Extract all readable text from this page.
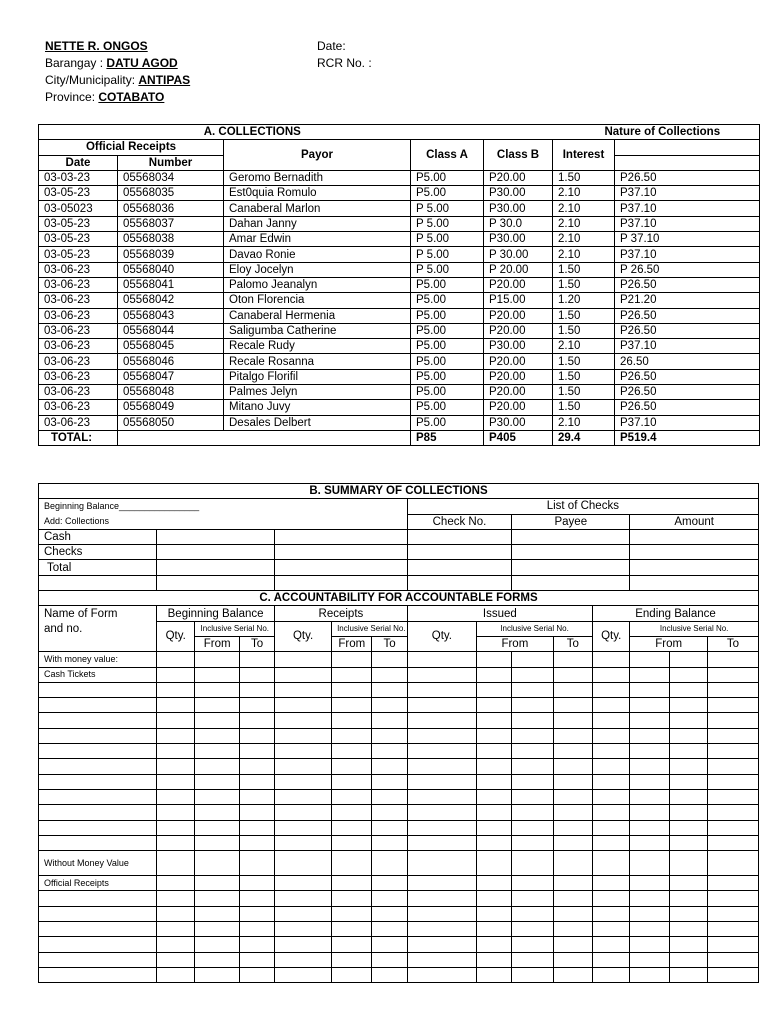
NETTE R. ONGOS
Barangay : DATU AGOD
City/Municipality: ANTIPAS
Province: COTABATO
Date:
RCR No. :
A. COLLECTIONS			Nature of Collections			
Official Receipts		Payor	Class A	Class B	Interest	
Date	Number					
03-03-23	05568034	Geromo Bernadith	P5.00	P20.00	1.50	P26.50
03-05-23	05568035	Est0quia Romulo	P5.00	P30.00	2.10	P37.10
03-05023	05568036	Canaberal Marlon	P 5.00	P30.00	2.10	P37.10
03-05-23	05568037	Dahan Janny	P 5.00	P 30.0	2.10	P37.10
03-05-23	05568038	Amar Edwin	P 5.00	P30.00	2.10	P 37.10
03-05-23	05568039	Davao Ronie	P 5.00	P 30.00	2.10	P37.10
03-06-23	05568040	Eloy Jocelyn	P 5.00	P 20.00	1.50	P 26.50
03-06-23	05568041	Palomo Jeanalyn	P5.00	P20.00	1.50	P26.50
03-06-23	05568042	Oton Florencia	P5.00	P15.00	1.20	P21.20
03-06-23	05568043	Canaberal Hermenia	P5.00	P20.00	1.50	P26.50
03-06-23	05568044	Saligumba Catherine	P5.00	P20.00	1.50	P26.50
03-06-23	05568045	Recale Rudy	P5.00	P30.00	2.10	P37.10
03-06-23	05568046	Recale Rosanna	P5.00	P20.00	1.50	26.50
03-06-23	05568047	Pitalgo Florifil	P5.00	P20.00	1.50	P26.50
03-06-23	05568048	Palmes Jelyn	P5.00	P20.00	1.50	P26.50
03-06-23	05568049	Mitano Juvy	P5.00	P20.00	1.50	P26.50
03-06-23	05568050	Desales Delbert	P5.00	P30.00	2.10	P37.10
TOTAL:			P85	P405	29.4	P519.4
B. SUMMARY OF COLLECTIONS														
Beginning Balance________________							List of Checks							
Add: Collections							Check No.		Payee			Amount		
Cash														
Checks														
Total														

C. ACCOUNTABILITY FOR ACCOUNTABLE FORMS														
Name of Form	Beginning Balance			Receipts			Issued				Ending Balance			
and no.	Qty.	Inclusive Serial No.		Qty.	Inclusive Serial No.		Qty.	Inclusive Serial No.			Qty.	Inclusive Serial No.		
		From	To		From	To		From		To		From		To
With money value:														
Cash Tickets														

Without Money Value														
Official Receipts														
